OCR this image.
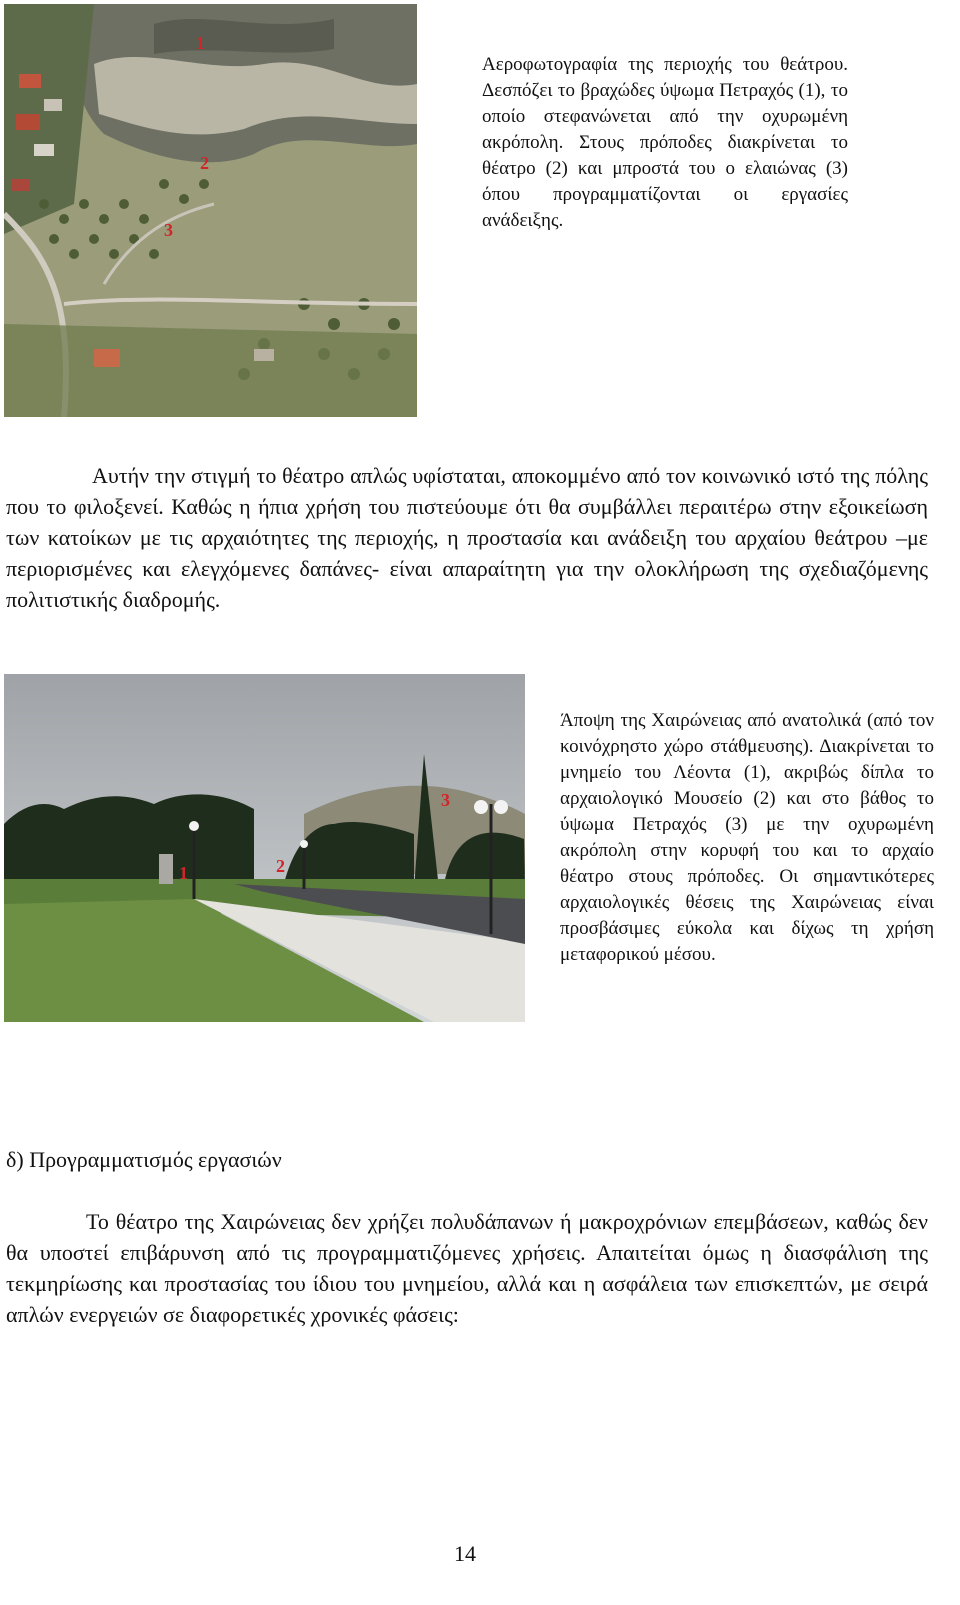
1
2
3
Αεροφωτογραφία της περιοχής του θεάτρου. Δεσπόζει το βραχώδες ύψωμα Πετραχός (1), το οποίο στεφανώνεται από την οχυρωμένη ακρόπολη. Στους πρόποδες διακρίνεται το θέατρο (2) και μπροστά του ο ελαιώνας (3) όπου προγραμματίζονται οι εργασίες ανάδειξης.
Αυτήν την στιγμή το θέατρο απλώς υφίσταται, αποκομμένο από τον κοινωνικό ιστό της πόλης που το φιλοξενεί. Καθώς η ήπια χρήση του πιστεύουμε ότι θα συμβάλλει περαιτέρω στην εξοικείωση των κατοίκων με τις αρχαιότητες της περιοχής, η προστασία και ανάδειξη του αρχαίου θεάτρου –με περιορισμένες και ελεγχόμενες δαπάνες- είναι απαραίτητη για την ολοκλήρωση της σχεδιαζόμενης πολιτιστικής διαδρομής.
1	2
3
Άποψη της Χαιρώνειας από ανατολικά (από τον κοινόχρηστο χώρο στάθμευσης). Διακρίνεται το μνημείο του Λέοντα (1), ακριβώς δίπλα το αρχαιολογικό Μουσείο (2) και στο βάθος το ύψωμα Πετραχός (3) με την οχυρωμένη ακρόπολη στην κορυφή του και το αρχαίο θέατρο στους πρόποδες. Οι σημαντικότερες αρχαιολογικές θέσεις της Χαιρώνειας είναι προσβάσιμες εύκολα και δίχως τη χρήση μεταφορικού μέσου.
δ) Προγραμματισμός εργασιών
Το θέατρο της Χαιρώνειας δεν χρήζει πολυδάπανων ή μακροχρόνιων επεμβάσεων, καθώς δεν θα υποστεί επιβάρυνση από τις προγραμματιζόμενες χρήσεις. Απαιτείται όμως η διασφάλιση της τεκμηρίωσης και προστασίας του ίδιου του μνημείου, αλλά και η ασφάλεια των επισκεπτών, με σειρά απλών ενεργειών σε διαφορετικές χρονικές φάσεις:
14
